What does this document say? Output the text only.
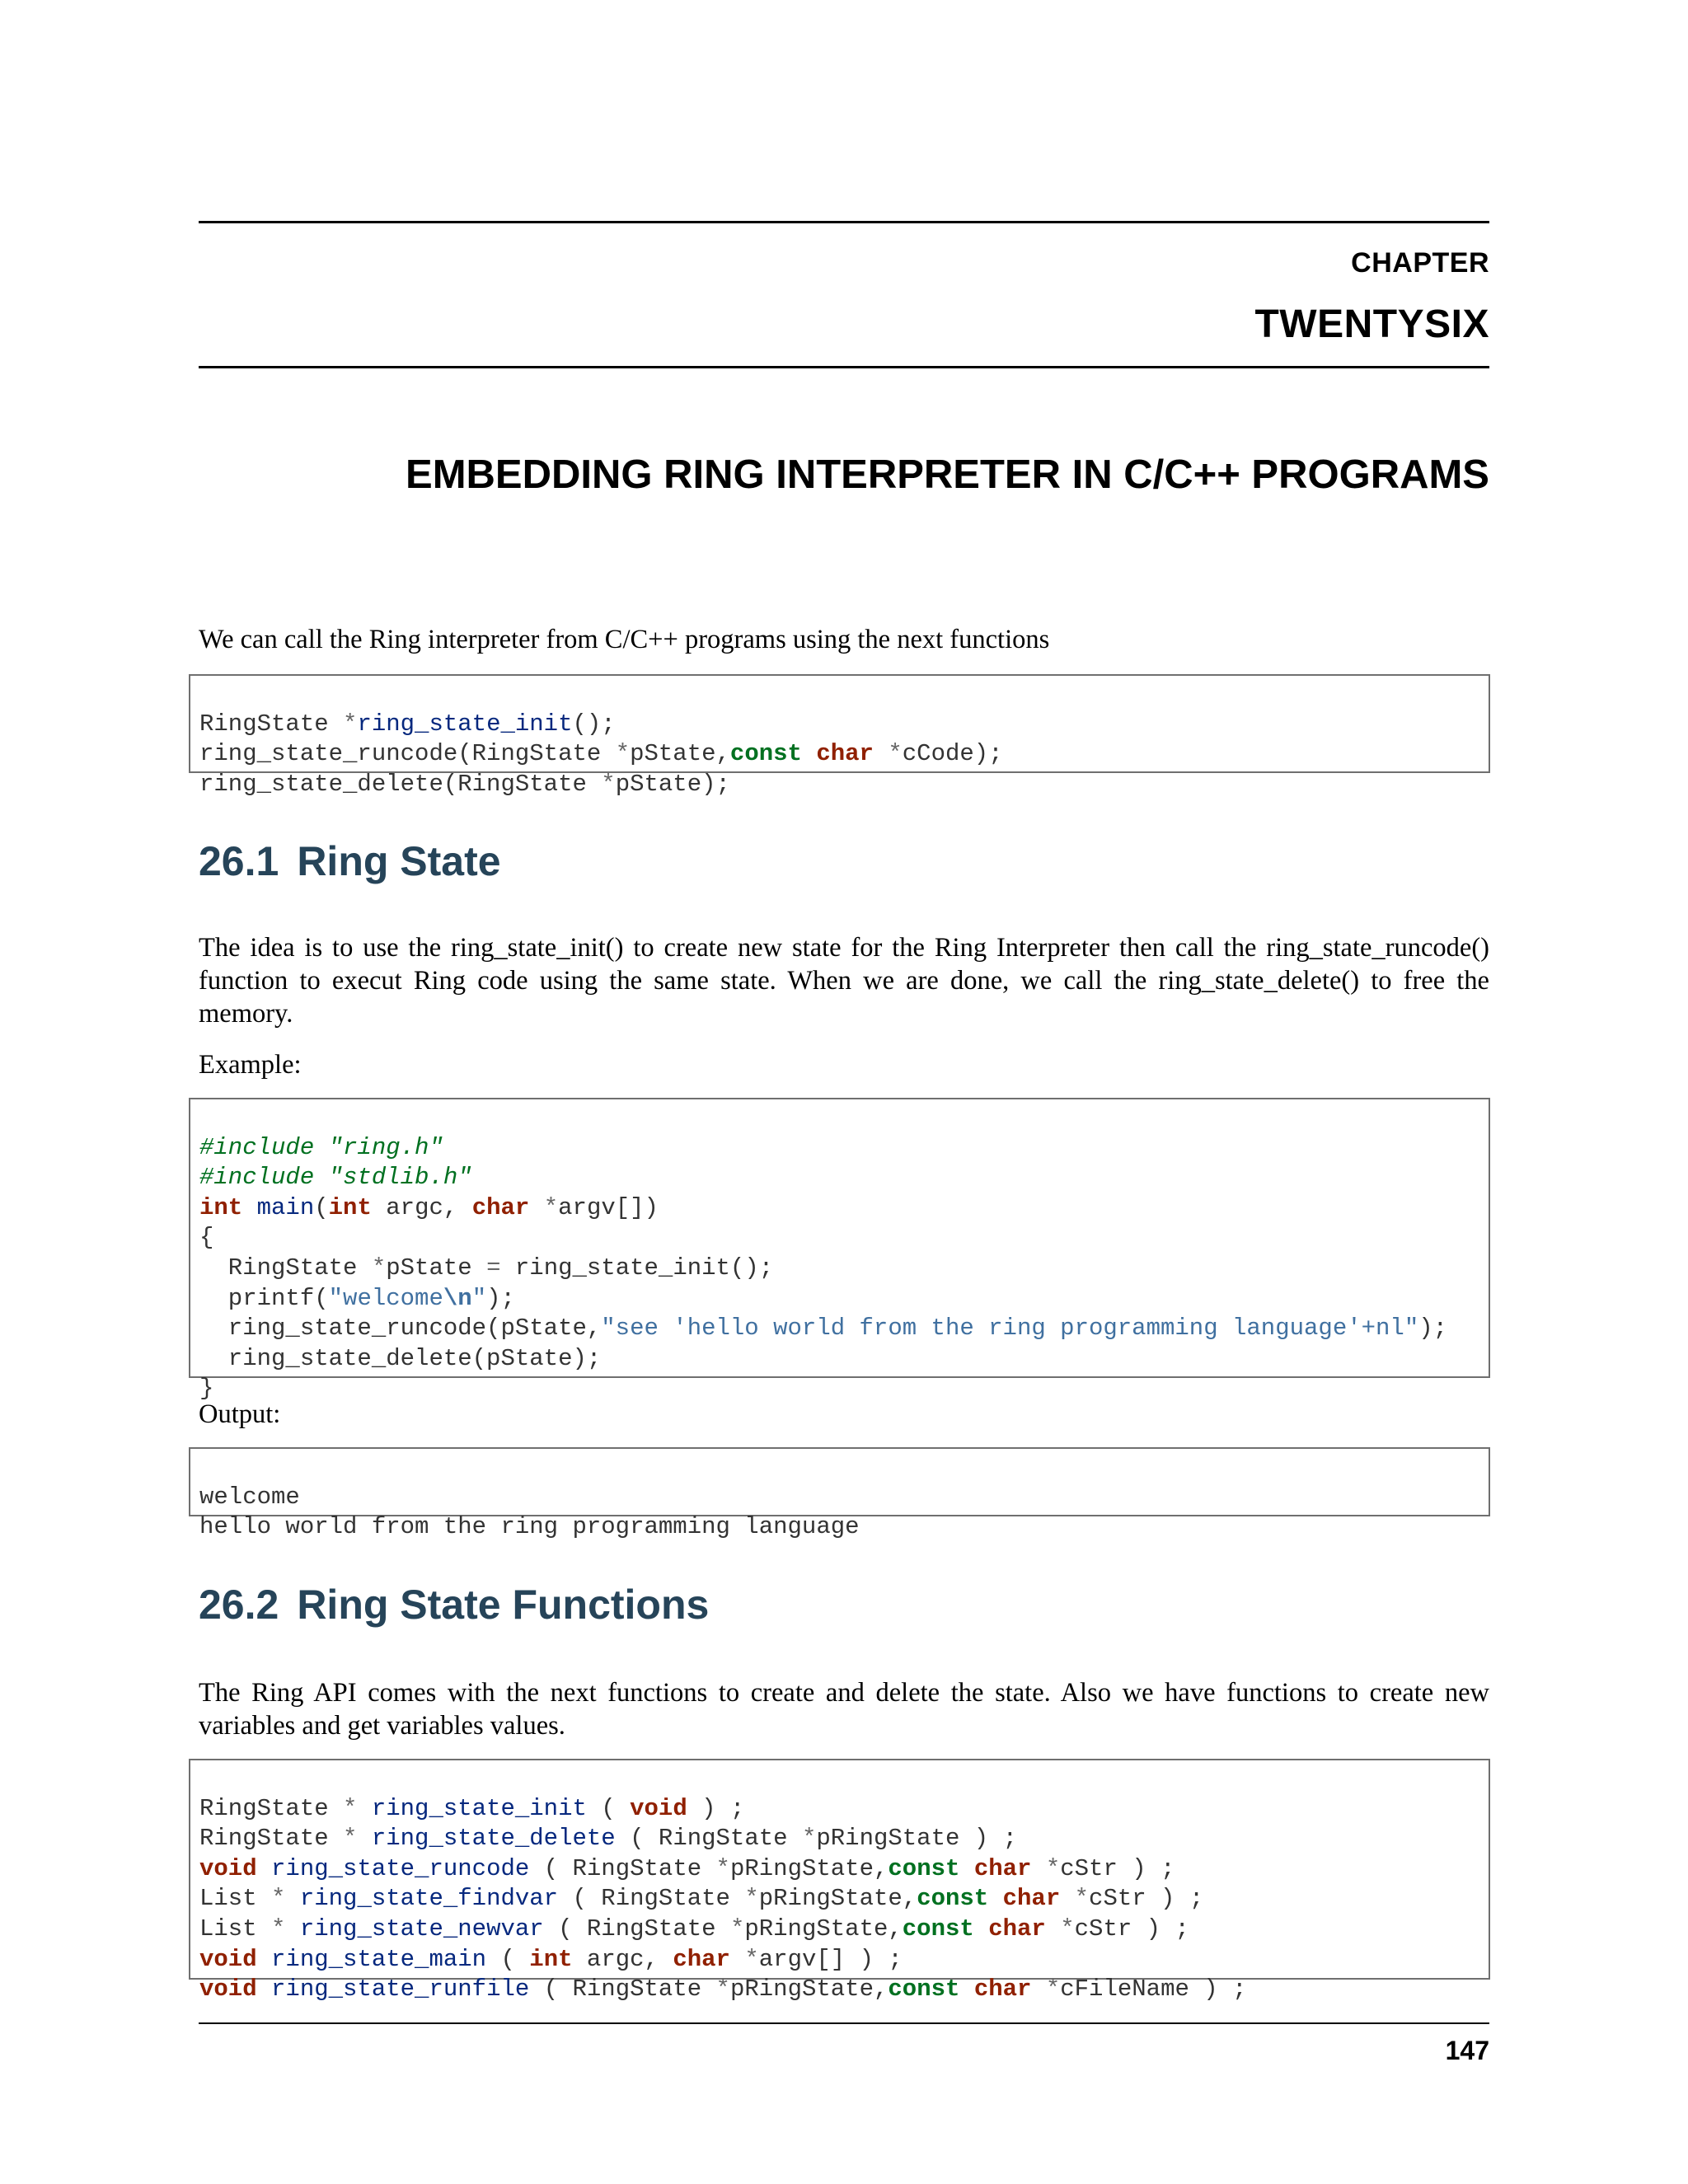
CHAPTER
TWENTYSIX
EMBEDDING RING INTERPRETER IN C/C++ PROGRAMS

We can call the Ring interpreter from C/C++ programs using the next functions

RingState *ring_state_init();
ring_state_runcode(RingState *pState,const char *cCode);
ring_state_delete(RingState *pState);

26.1 Ring State

The idea is to use the ring_state_init() to create new state for the Ring Interpreter then call the ring_state_runcode() function to execut Ring code using the same state. When we are done, we call the ring_state_delete() to free the memory.

Example:

#include "ring.h"
#include "stdlib.h"
int main(int argc, char *argv[])
{
RingState *pState = ring_state_init();
printf("welcome\n");
ring_state_runcode(pState,"see 'hello world from the ring programming language'+nl");
ring_state_delete(pState);
}

Output:

welcome
hello world from the ring programming language

26.2 Ring State Functions

The Ring API comes with the next functions to create and delete the state. Also we have functions to create new variables and get variables values.

RingState * ring_state_init ( void ) ;
RingState * ring_state_delete ( RingState *pRingState ) ;
void ring_state_runcode ( RingState *pRingState,const char *cStr ) ;
List * ring_state_findvar ( RingState *pRingState,const char *cStr ) ;
List * ring_state_newvar ( RingState *pRingState,const char *cStr ) ;
void ring_state_main ( int argc, char *argv[] ) ;
void ring_state_runfile ( RingState *pRingState,const char *cFileName ) ;

147
